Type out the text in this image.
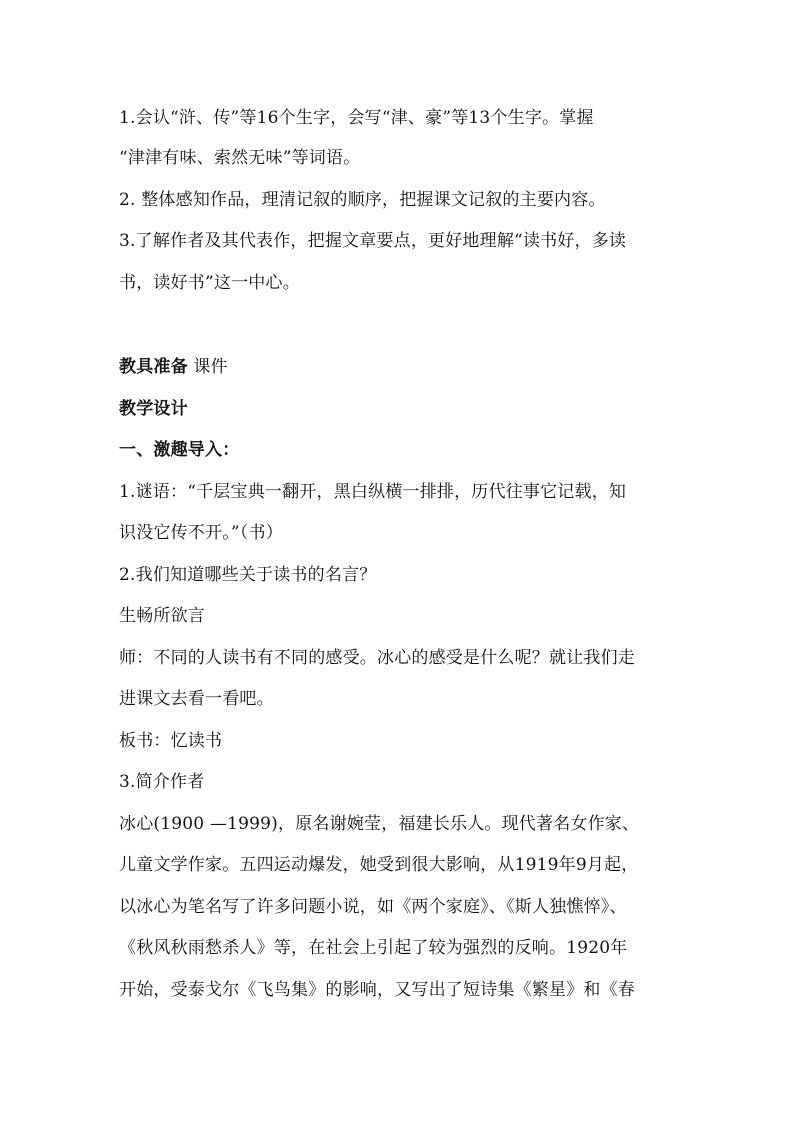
1.会认“浒、传”等16个生字，会写“津、豪”等13个生字。掌握
“津津有味、索然无味”等词语。
2. 整体感知作品，理清记叙的顺序，把握课文记叙的主要内容。
3.了解作者及其代表作，把握文章要点，更好地理解“读书好，多读
书，读好书”这一中心。
教具准备 课件
教学设计
一、激趣导入：
1.谜语：“千层宝典一翻开，黑白纵横一排排，历代往事它记载，知
识没它传不开。”（书）
2.我们知道哪些关于读书的名言？
生畅所欲言
师：不同的人读书有不同的感受。冰心的感受是什么呢？就让我们走
进课文去看一看吧。
板书：忆读书
3.简介作者
冰心(1900 —1999)，原名谢婉莹，福建长乐人。现代著名女作家、
儿童文学作家。五四运动爆发，她受到很大影响，从1919年9月起，
以冰心为笔名写了许多问题小说，如《两个家庭》、《斯人独憔悴》、
《秋风秋雨愁杀人》等，在社会上引起了较为强烈的反响。1920年
开始，受泰戈尔《飞鸟集》的影响，又写出了短诗集《繁星》和《春
